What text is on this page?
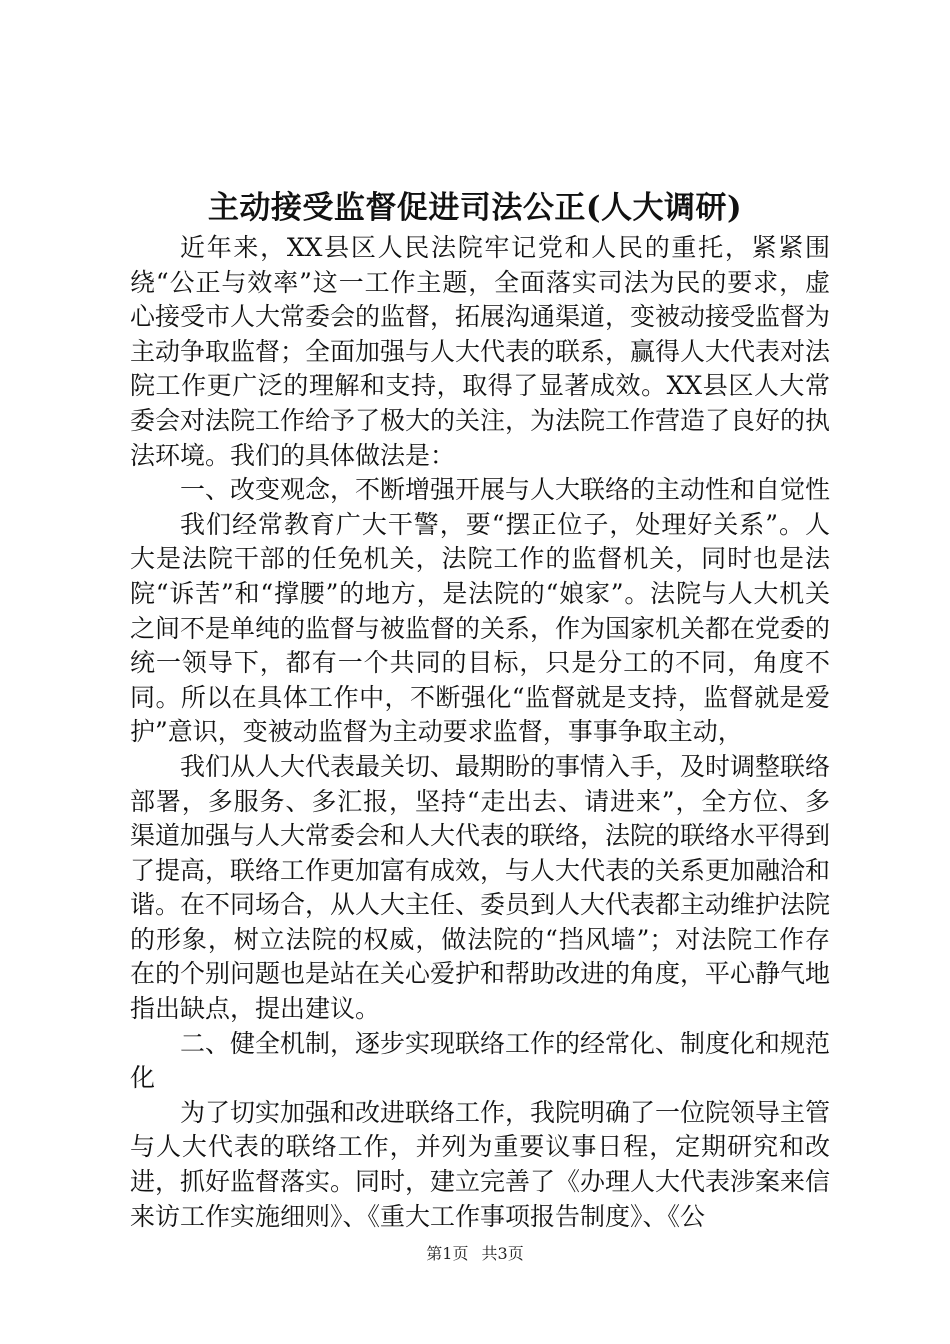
主动接受监督促进司法公正(人大调研)

近年来，XX县区人民法院牢记党和人民的重托，紧紧围绕“公正与效率”这一工作主题，全面落实司法为民的要求，虚心接受市人大常委会的监督，拓展沟通渠道，变被动接受监督为主动争取监督；全面加强与人大代表的联系，赢得人大代表对法院工作更广泛的理解和支持，取得了显著成效。XX县区人大常委会对法院工作给予了极大的关注，为法院工作营造了良好的执法环境。我们的具体做法是：

一、改变观念，不断增强开展与人大联络的主动性和自觉性

我们经常教育广大干警，要“摆正位子，处理好关系”。人大是法院干部的任免机关，法院工作的监督机关，同时也是法院“诉苦”和“撑腰”的地方，是法院的“娘家”。法院与人大机关之间不是单纯的监督与被监督的关系，作为国家机关都在党委的统一领导下，都有一个共同的目标，只是分工的不同，角度不同。所以在具体工作中，不断强化“监督就是支持，监督就是爱护”意识，变被动监督为主动要求监督，事事争取主动，

我们从人大代表最关切、最期盼的事情入手，及时调整联络部署，多服务、多汇报，坚持“走出去、请进来”，全方位、多渠道加强与人大常委会和人大代表的联络，法院的联络水平得到了提高，联络工作更加富有成效，与人大代表的关系更加融洽和谐。在不同场合，从人大主任、委员到人大代表都主动维护法院的形象，树立法院的权威，做法院的“挡风墙”；对法院工作存在的个别问题也是站在关心爱护和帮助改进的角度，平心静气地指出缺点，提出建议。

二、健全机制，逐步实现联络工作的经常化、制度化和规范化

为了切实加强和改进联络工作，我院明确了一位院领导主管与人大代表的联络工作，并列为重要议事日程，定期研究和改进，抓好监督落实。同时，建立完善了《办理人大代表涉案来信来访工作实施细则》、《重大工作事项报告制度》、《公

第1页 共3页
